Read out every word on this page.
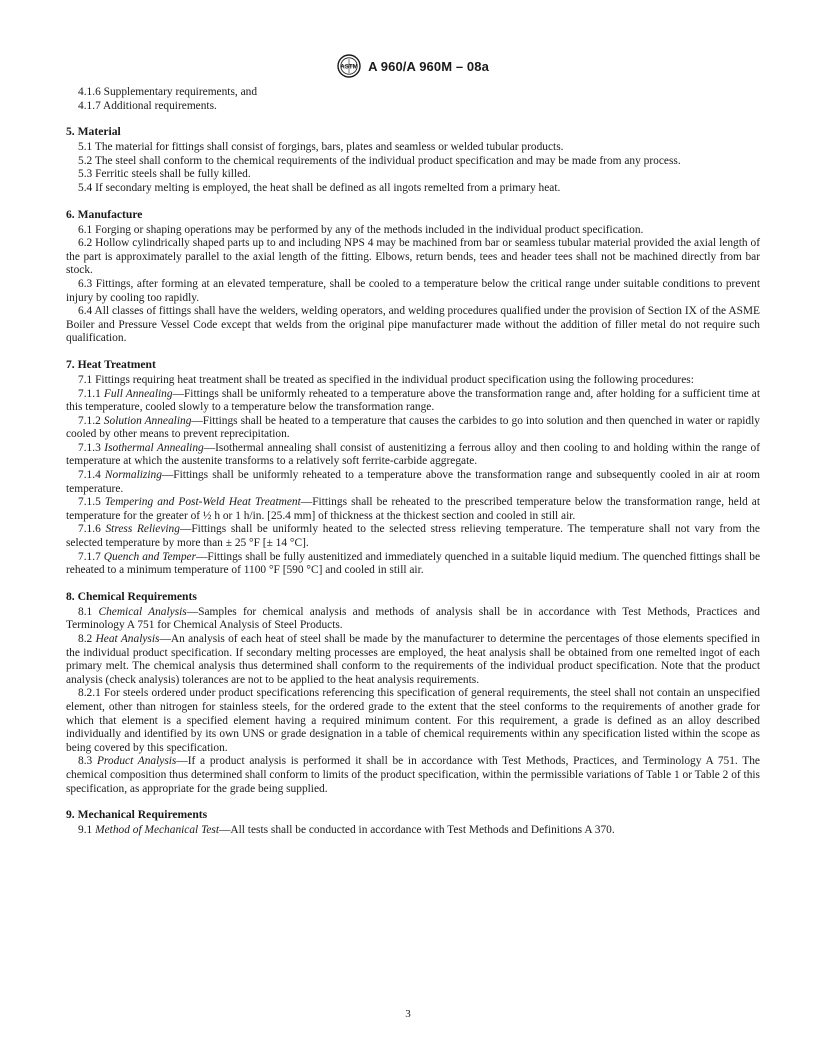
ASTM A 960/A 960M – 08a

4.1.6 Supplementary requirements, and

4.1.7 Additional requirements.

5. Material

5.1 The material for fittings shall consist of forgings, bars, plates and seamless or welded tubular products.

5.2 The steel shall conform to the chemical requirements of the individual product specification and may be made from any process.

5.3 Ferritic steels shall be fully killed.

5.4 If secondary melting is employed, the heat shall be defined as all ingots remelted from a primary heat.

6. Manufacture

6.1 Forging or shaping operations may be performed by any of the methods included in the individual product specification.

6.2 Hollow cylindrically shaped parts up to and including NPS 4 may be machined from bar or seamless tubular material provided the axial length of the part is approximately parallel to the axial length of the fitting. Elbows, return bends, tees and header tees shall not be machined directly from bar stock.

6.3 Fittings, after forming at an elevated temperature, shall be cooled to a temperature below the critical range under suitable conditions to prevent injury by cooling too rapidly.

6.4 All classes of fittings shall have the welders, welding operators, and welding procedures qualified under the provision of Section IX of the ASME Boiler and Pressure Vessel Code except that welds from the original pipe manufacturer made without the addition of filler metal do not require such qualification.

7. Heat Treatment

7.1 Fittings requiring heat treatment shall be treated as specified in the individual product specification using the following procedures:

7.1.1 Full Annealing—Fittings shall be uniformly reheated to a temperature above the transformation range and, after holding for a sufficient time at this temperature, cooled slowly to a temperature below the transformation range.

7.1.2 Solution Annealing—Fittings shall be heated to a temperature that causes the carbides to go into solution and then quenched in water or rapidly cooled by other means to prevent reprecipitation.

7.1.3 Isothermal Annealing—Isothermal annealing shall consist of austenitizing a ferrous alloy and then cooling to and holding within the range of temperature at which the austenite transforms to a relatively soft ferrite-carbide aggregate.

7.1.4 Normalizing—Fittings shall be uniformly reheated to a temperature above the transformation range and subsequently cooled in air at room temperature.

7.1.5 Tempering and Post-Weld Heat Treatment—Fittings shall be reheated to the prescribed temperature below the transformation range, held at temperature for the greater of ½ h or 1 h/in. [25.4 mm] of thickness at the thickest section and cooled in still air.

7.1.6 Stress Relieving—Fittings shall be uniformly heated to the selected stress relieving temperature. The temperature shall not vary from the selected temperature by more than ± 25 °F [± 14 °C].

7.1.7 Quench and Temper—Fittings shall be fully austenitized and immediately quenched in a suitable liquid medium. The quenched fittings shall be reheated to a minimum temperature of 1100 °F [590 °C] and cooled in still air.

8. Chemical Requirements

8.1 Chemical Analysis—Samples for chemical analysis and methods of analysis shall be in accordance with Test Methods, Practices and Terminology A 751 for Chemical Analysis of Steel Products.

8.2 Heat Analysis—An analysis of each heat of steel shall be made by the manufacturer to determine the percentages of those elements specified in the individual product specification. If secondary melting processes are employed, the heat analysis shall be obtained from one remelted ingot of each primary melt. The chemical analysis thus determined shall conform to the requirements of the individual product specification. Note that the product analysis (check analysis) tolerances are not to be applied to the heat analysis requirements.

8.2.1 For steels ordered under product specifications referencing this specification of general requirements, the steel shall not contain an unspecified element, other than nitrogen for stainless steels, for the ordered grade to the extent that the steel conforms to the requirements of another grade for which that element is a specified element having a required minimum content. For this requirement, a grade is defined as an alloy described individually and identified by its own UNS or grade designation in a table of chemical requirements within any specification listed within the scope as being covered by this specification.

8.3 Product Analysis—If a product analysis is performed it shall be in accordance with Test Methods, Practices, and Terminology A 751. The chemical composition thus determined shall conform to limits of the product specification, within the permissible variations of Table 1 or Table 2 of this specification, as appropriate for the grade being supplied.

9. Mechanical Requirements

9.1 Method of Mechanical Test—All tests shall be conducted in accordance with Test Methods and Definitions A 370.

3
